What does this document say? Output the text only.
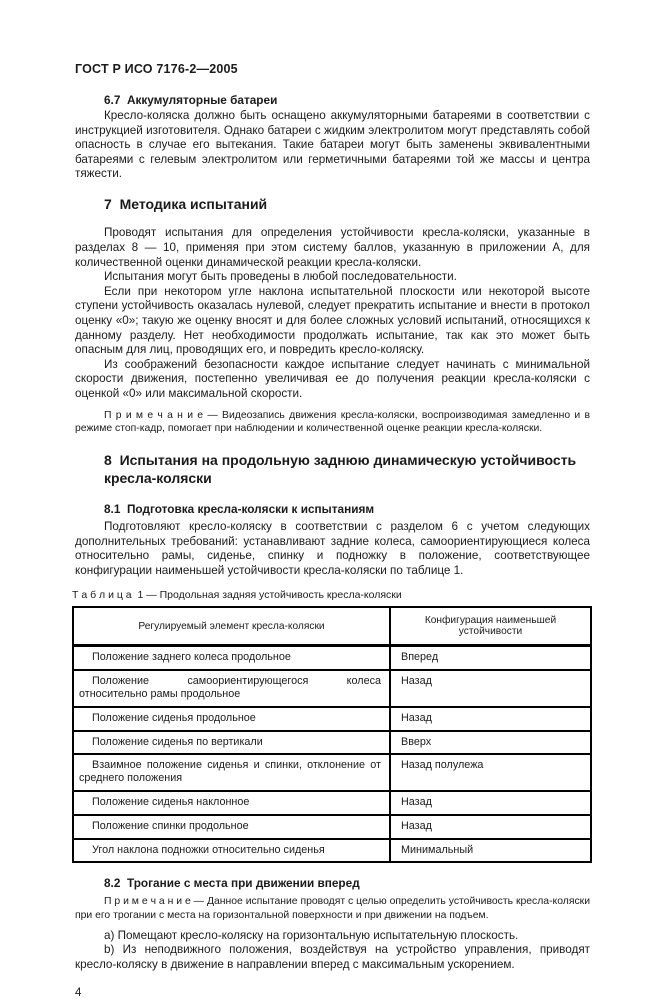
ГОСТ Р ИСО 7176-2—2005
6.7  Аккумуляторные батареи

Кресло-коляска должно быть оснащено аккумуляторными батареями в соответствии с инструкцией изготовителя. Однако батареи с жидким электролитом могут представлять собой опасность в случае его вытекания. Такие батареи могут быть заменены эквивалентными батареями с гелевым электролитом или герметичными батареями той же массы и центра тяжести.

7  Методика испытаний

Проводят испытания для определения устойчивости кресла-коляски, указанные в разделах 8 — 10, применяя при этом систему баллов, указанную в приложении А, для количественной оценки динамической реакции кресла-коляски.

Испытания могут быть проведены в любой последовательности.

Если при некотором угле наклона испытательной плоскости или некоторой высоте ступени устойчивость оказалась нулевой, следует прекратить испытание и внести в протокол оценку «0»; такую же оценку вносят и для более сложных условий испытаний, относящихся к данному разделу. Нет необходимости продолжать испытание, так как это может быть опасным для лиц, проводящих его, и повредить кресло-коляску.

Из соображений безопасности каждое испытание следует начинать с минимальной скорости движения, постепенно увеличивая ее до получения реакции кресла-коляски с оценкой «0» или максимальной скорости.

П р и м е ч а н и е — Видеозапись движения кресла-коляски, воспроизводимая замедленно и в режиме стоп-кадр, помогает при наблюдении и количественной оценке реакции кресла-коляски.

8  Испытания на продольную заднюю динамическую устойчивость
кресла-коляски
8.1  Подготовка кресла-коляски к испытаниям

Подготовляют кресло-коляску в соответствии с разделом 6 с учетом следующих дополнительных требований: устанавливают задние колеса, самоориентирующиеся колеса относительно рамы, сиденье, спинку и подножку в положение, соответствующее конфигурации наименьшей устойчивости кресла-коляски по таблице 1.

Т а б л и ц а  1 — Продольная задняя устойчивость кресла-коляски
Регулируемый элемент кресла-коляски	Конфигурация наименьшей устойчивости
Положение заднего колеса продольное	Вперед
Положение самоориентирующегося колеса относительно рамы продольное	Назад
Положение сиденья продольное	Назад
Положение сиденья по вертикали	Вверх
Взаимное положение сиденья и спинки, отклонение от среднего положения	Назад полулежа
Положение сиденья наклонное	Назад
Положение спинки продольное	Назад
Угол наклона подножки относительно сиденья	Минимальный
8.2  Трогание с места при движении вперед

П р и м е ч а н и е — Данное испытание проводят с целью определить устойчивость кресла-коляски при его трогании с места на горизонтальной поверхности и при движении на подъем.

a) Помещают кресло-коляску на горизонтальную испытательную плоскость.

b) Из неподвижного положения, воздействуя на устройство управления, приводят кресло-коляску в движение в направлении вперед с максимальным ускорением.

4
